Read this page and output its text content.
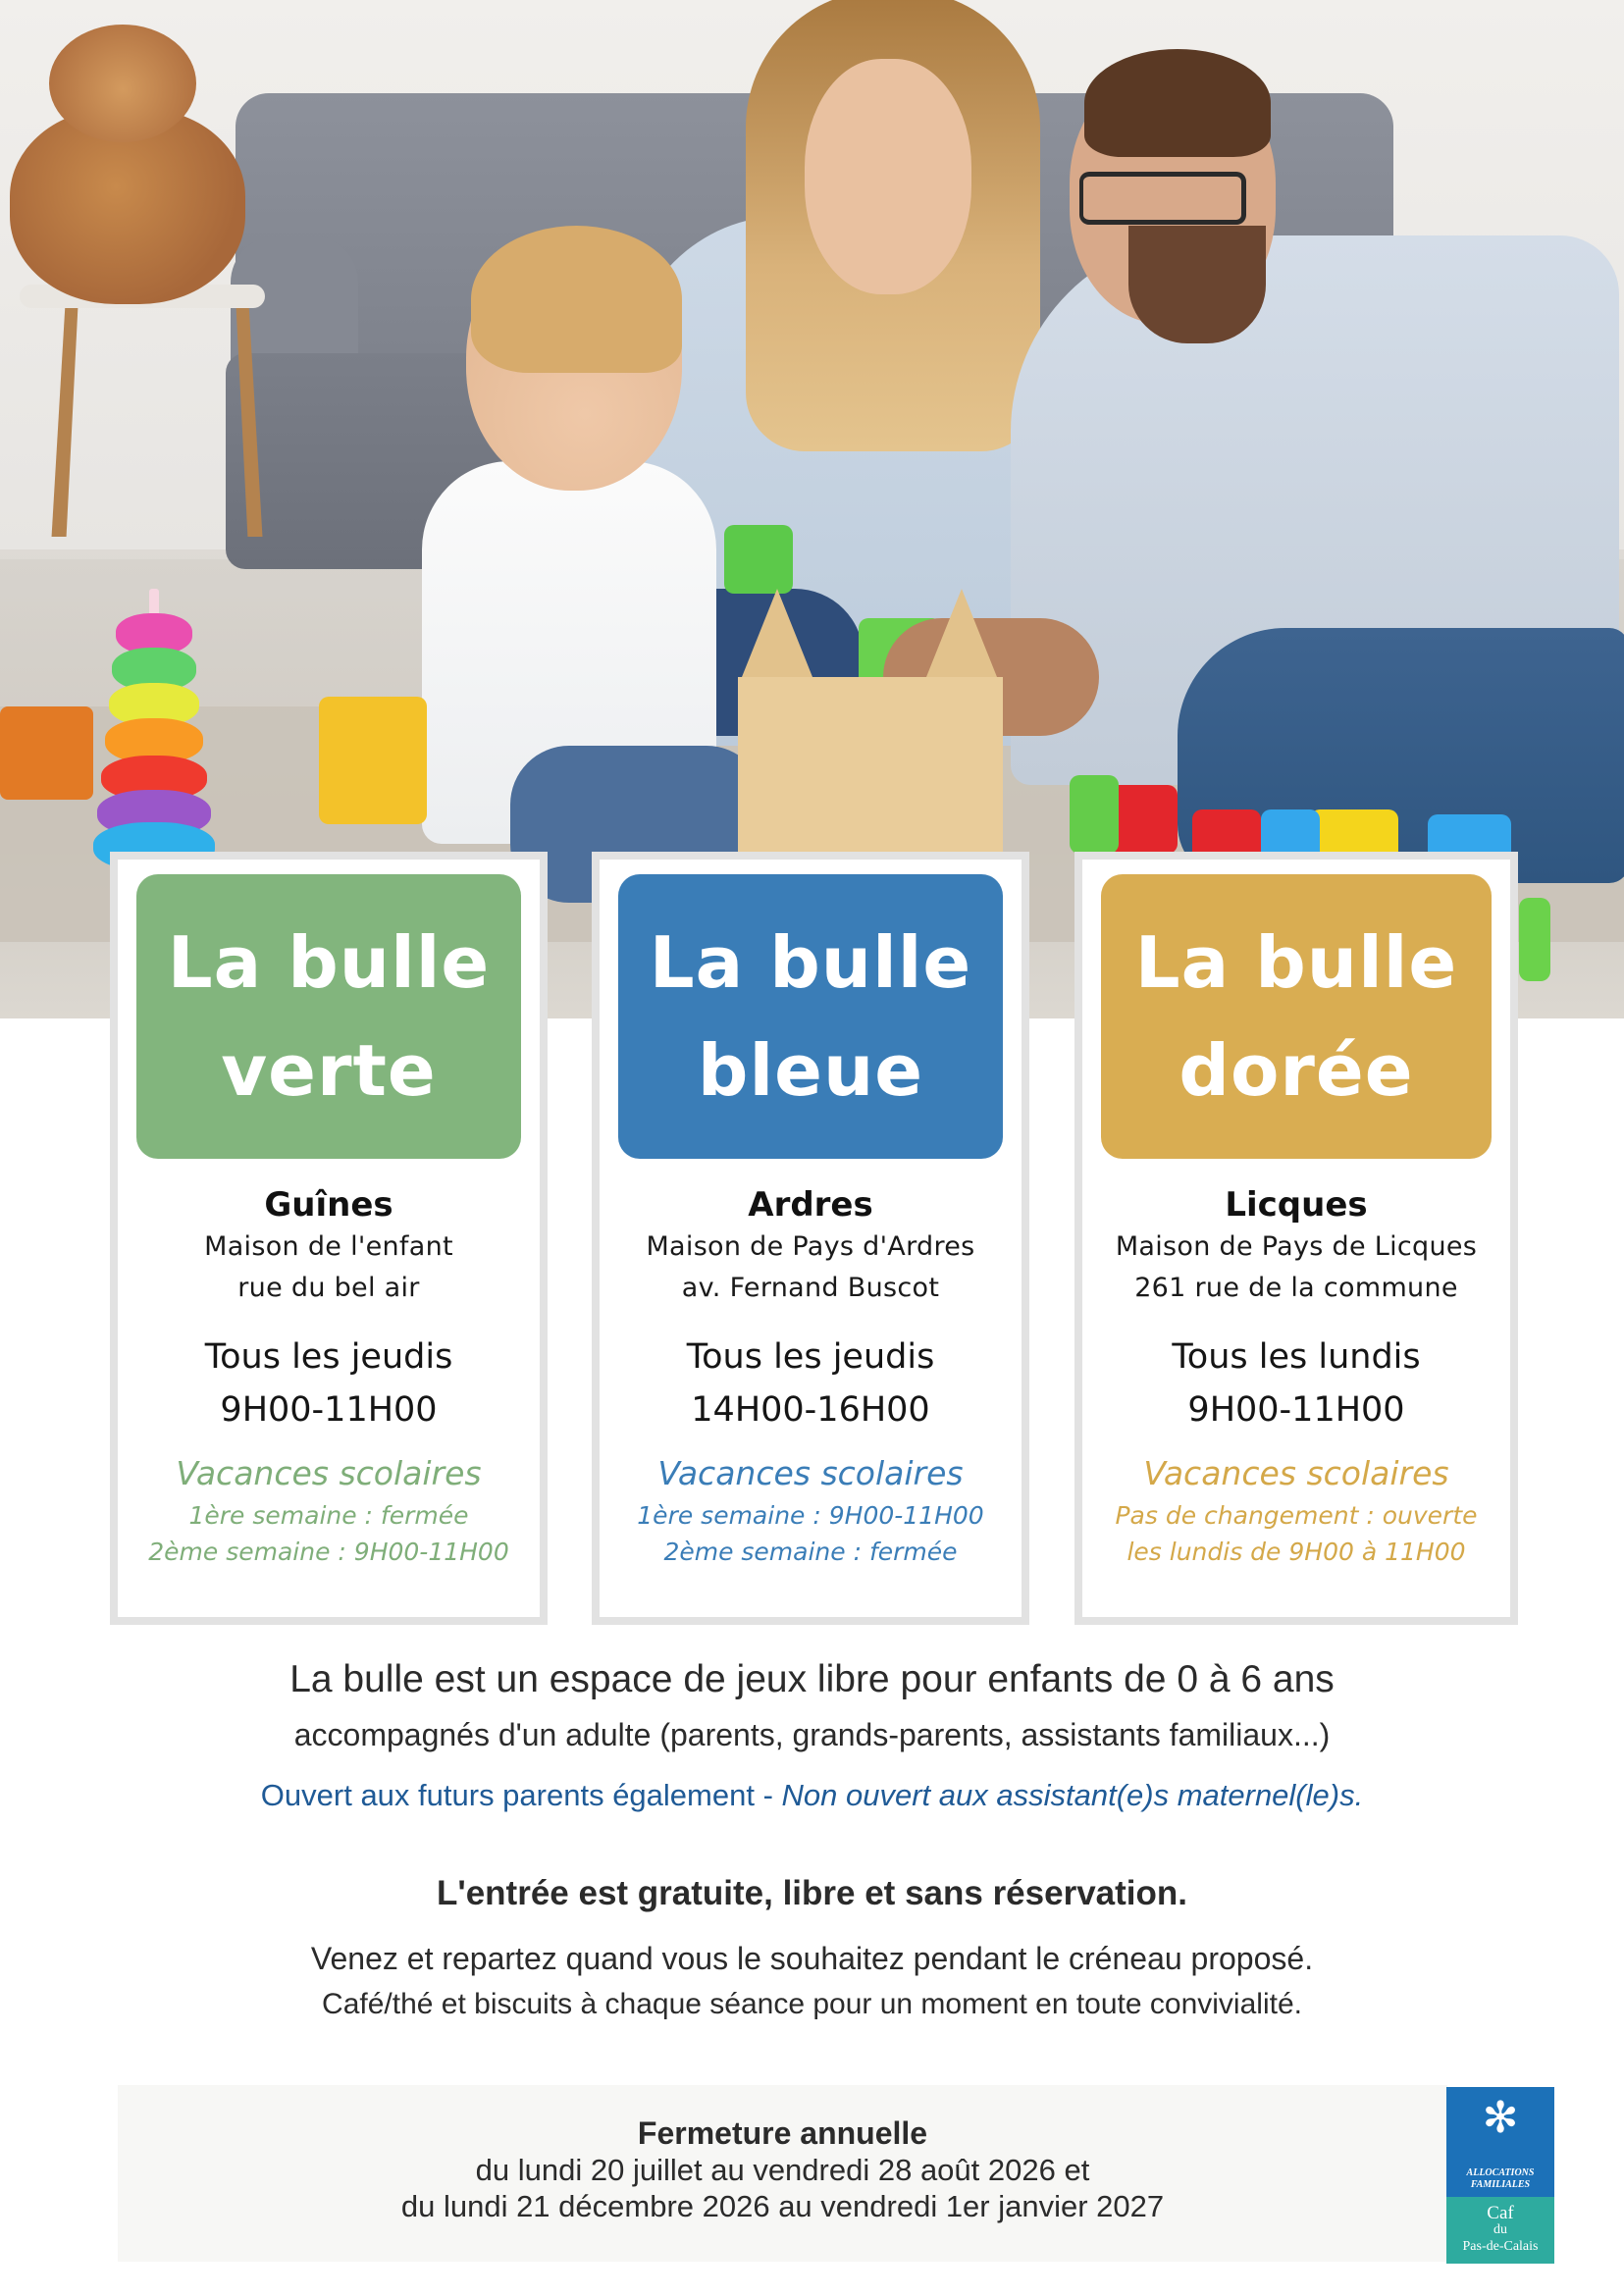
La bulle
verte
Guînes
Maison de l'enfant
rue du bel air
Tous les jeudis
9H00-11H00
Vacances scolaires
1ère semaine : fermée
2ème semaine : 9H00-11H00
La bulle
bleue
Ardres
Maison de Pays d'Ardres
av. Fernand Buscot
Tous les jeudis
14H00-16H00
Vacances scolaires
1ère semaine : 9H00-11H00
2ème semaine : fermée
La bulle
dorée
Licques
Maison de Pays de Licques
261 rue de la commune
Tous les lundis
9H00-11H00
Vacances scolaires
Pas de changement : ouverte
les lundis de 9H00 à 11H00
La bulle est un espace de jeux libre pour enfants de 0 à 6 ans
accompagnés d'un adulte (parents, grands-parents, assistants familiaux...)
Ouvert aux futurs parents également - Non ouvert aux assistant(e)s maternel(le)s.
L'entrée est gratuite, libre et sans réservation.
Venez et repartez quand vous le souhaitez pendant le créneau proposé.
Café/thé et biscuits à chaque séance pour un moment en toute convivialité.
Fermeture annuelle
du lundi 20 juillet au vendredi 28 août 2026 et
du lundi 21 décembre 2026 au vendredi 1er janvier 2027
✻
ALLOCATIONS
FAMILIALES
Caf
du
Pas-de-Calais
